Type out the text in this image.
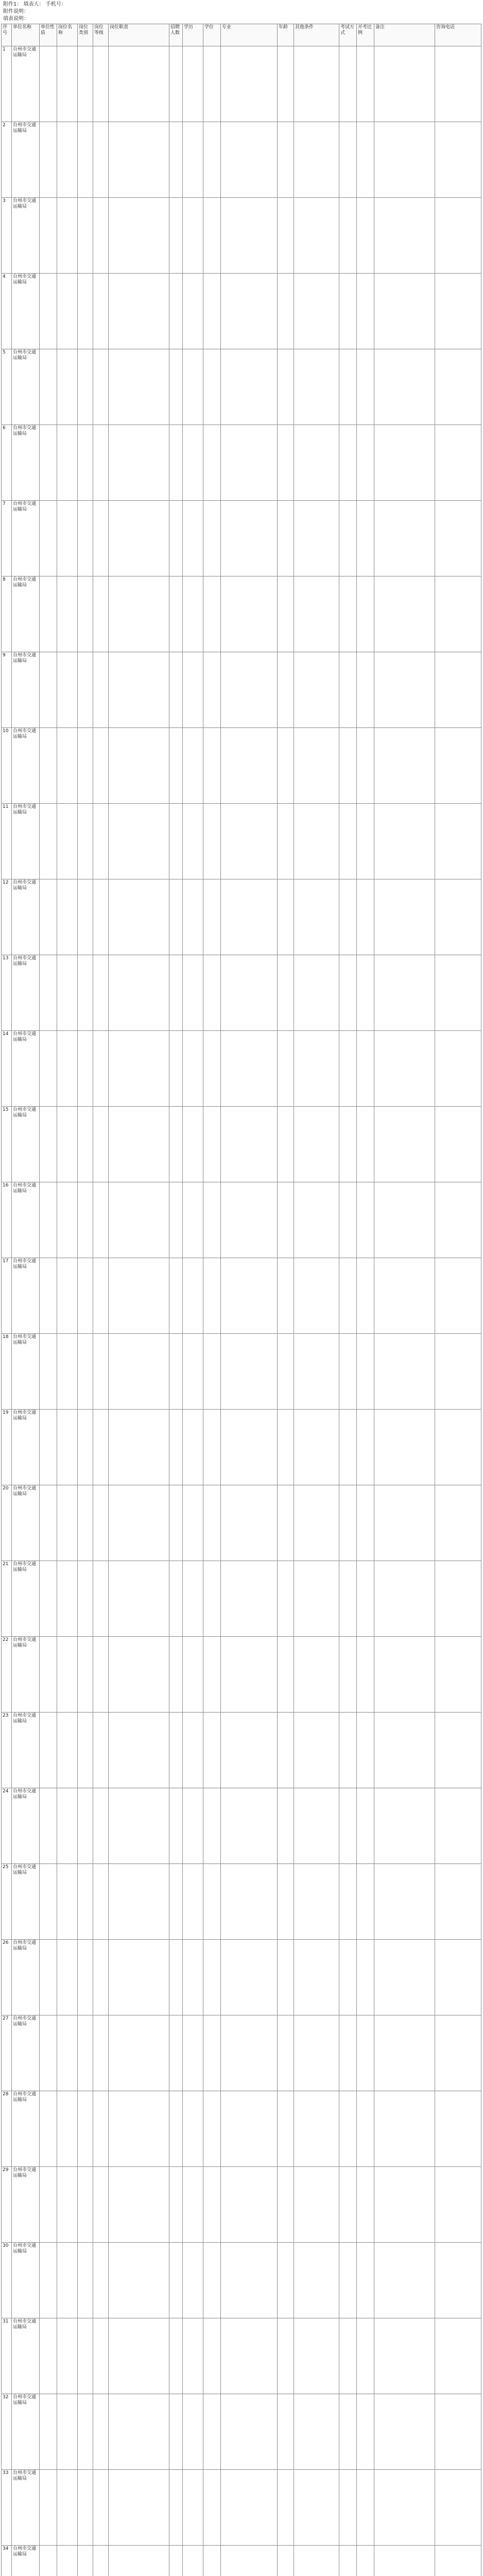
附件1： 填表人： 手机号：
附件说明：
填表说明：
序号	单位名称	单位性质	岗位名称	岗位类别	岗位等级	岗位职责	招聘人数	学历	学位	专业	年龄	其他条件	考试方式	开考比例	备注	咨询电话
1	台州市交通运输局															
2	台州市交通运输局															
3	台州市交通运输局															
4	台州市交通运输局															
5	台州市交通运输局															
6	台州市交通运输局															
7	台州市交通运输局															
8	台州市交通运输局															
9	台州市交通运输局															
10	台州市交通运输局															
11	台州市交通运输局															
12	台州市交通运输局															
13	台州市交通运输局															
14	台州市交通运输局															
15	台州市交通运输局															
16	台州市交通运输局															
17	台州市交通运输局															
18	台州市交通运输局															
19	台州市交通运输局															
20	台州市交通运输局															
21	台州市交通运输局															
22	台州市交通运输局															
23	台州市交通运输局															
24	台州市交通运输局															
25	台州市交通运输局															
26	台州市交通运输局															
27	台州市交通运输局															
28	台州市交通运输局															
29	台州市交通运输局															
30	台州市交通运输局															
31	台州市交通运输局															
32	台州市交通运输局															
33	台州市交通运输局															
34	台州市交通运输局															
